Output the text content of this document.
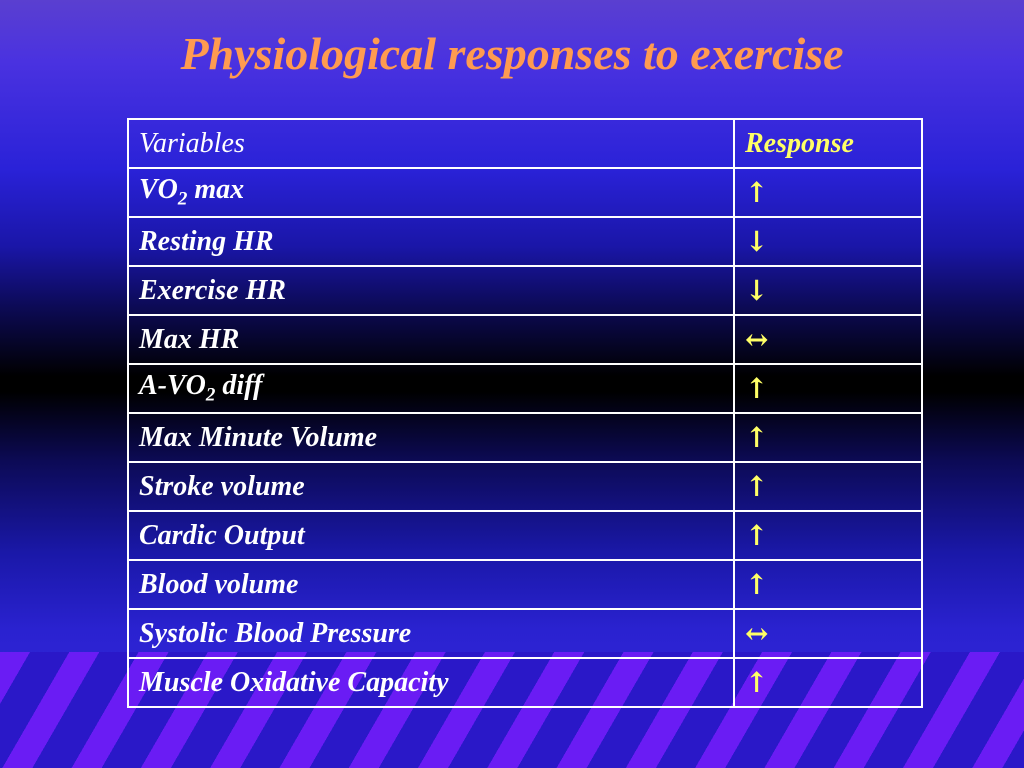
Physiological responses to exercise
Variables	Response
$VO_2$ max	↑
Resting HR	↓
Exercise HR	↓
Max HR	↔
$A-VO_2$ diff	↑
Max Minute Volume	↑
Stroke volume	↑
Cardic Output	↑
Blood volume	↑
Systolic Blood Pressure	↔
Muscle Oxidative Capacity	↑
